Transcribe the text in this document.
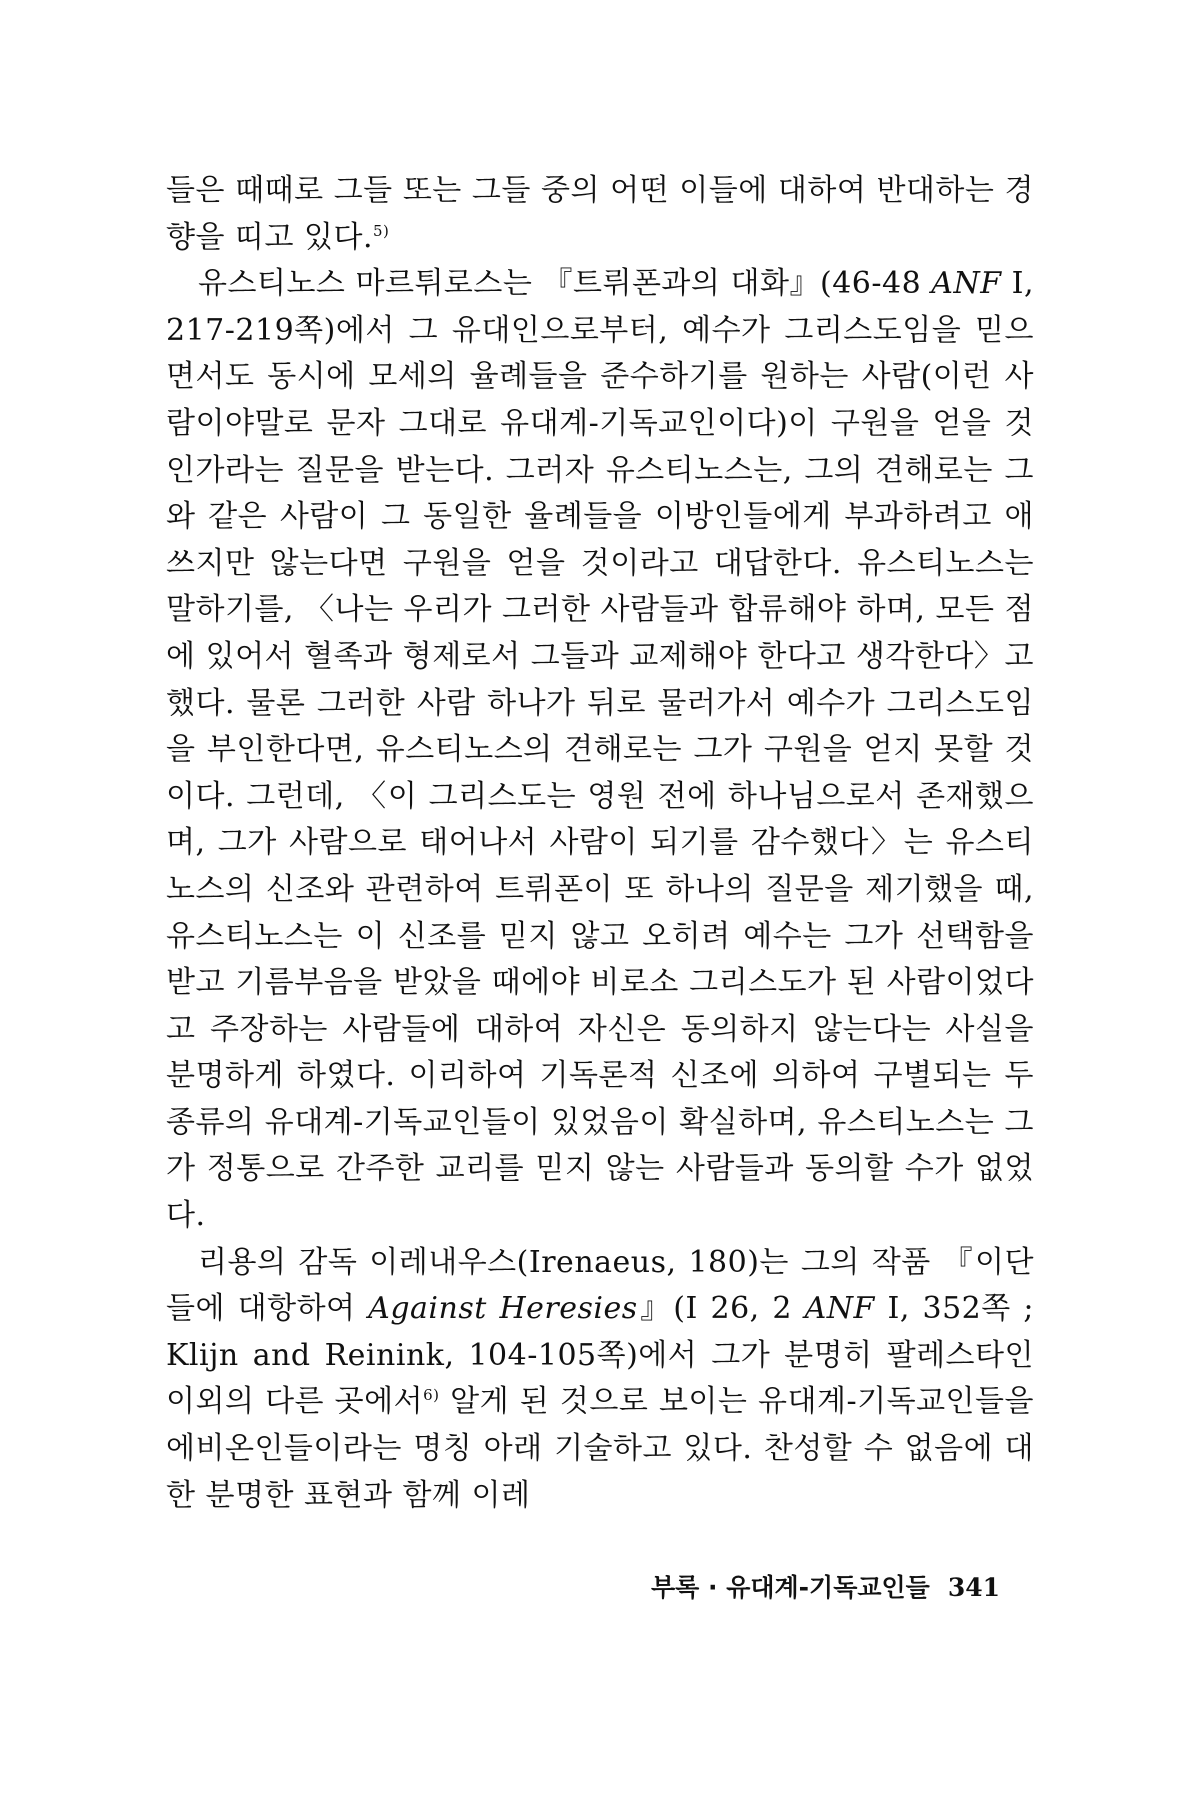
들은 때때로 그들 또는 그들 중의 어떤 이들에 대하여 반대하는 경향을 띠고 있다.$^{5)}$

유스티노스 마르튀로스는 『트뤼폰과의 대화』(46-48 ANF I, 217-219쪽)에서 그 유대인으로부터, 예수가 그리스도임을 믿으면서도 동시에 모세의 율례들을 준수하기를 원하는 사람(이런 사람이야말로 문자 그대로 유대계-기독교인이다)이 구원을 얻을 것인가라는 질문을 받는다. 그러자 유스티노스는, 그의 견해로는 그와 같은 사람이 그 동일한 율례들을 이방인들에게 부과하려고 애쓰지만 않는다면 구원을 얻을 것이라고 대답한다. 유스티노스는 말하기를, 〈나는 우리가 그러한 사람들과 합류해야 하며, 모든 점에 있어서 혈족과 형제로서 그들과 교제해야 한다고 생각한다〉고 했다. 물론 그러한 사람 하나가 뒤로 물러가서 예수가 그리스도임을 부인한다면, 유스티노스의 견해로는 그가 구원을 얻지 못할 것이다. 그런데, 〈이 그리스도는 영원 전에 하나님으로서 존재했으며, 그가 사람으로 태어나서 사람이 되기를 감수했다〉는 유스티노스의 신조와 관련하여 트뤼폰이 또 하나의 질문을 제기했을 때, 유스티노스는 이 신조를 믿지 않고 오히려 예수는 그가 선택함을 받고 기름부음을 받았을 때에야 비로소 그리스도가 된 사람이었다고 주장하는 사람들에 대하여 자신은 동의하지 않는다는 사실을 분명하게 하였다. 이리하여 기독론적 신조에 의하여 구별되는 두 종류의 유대계-기독교인들이 있었음이 확실하며, 유스티노스는 그가 정통으로 간주한 교리를 믿지 않는 사람들과 동의할 수가 없었다.

리용의 감독 이레내우스(Irenaeus, 180)는 그의 작품 『이단들에 대항하여 Against Heresies』(I 26, 2 ANF I, 352쪽 ; Klijn and Reinink, 104-105쪽)에서 그가 분명히 팔레스타인 이외의 다른 곳에서$^{6)}$ 알게 된 것으로 보이는 유대계-기독교인들을 에비온인들이라는 명칭 아래 기술하고 있다. 찬성할 수 없음에 대한 분명한 표현과 함께 이레

부록 · 유대계-기독교인들 341
